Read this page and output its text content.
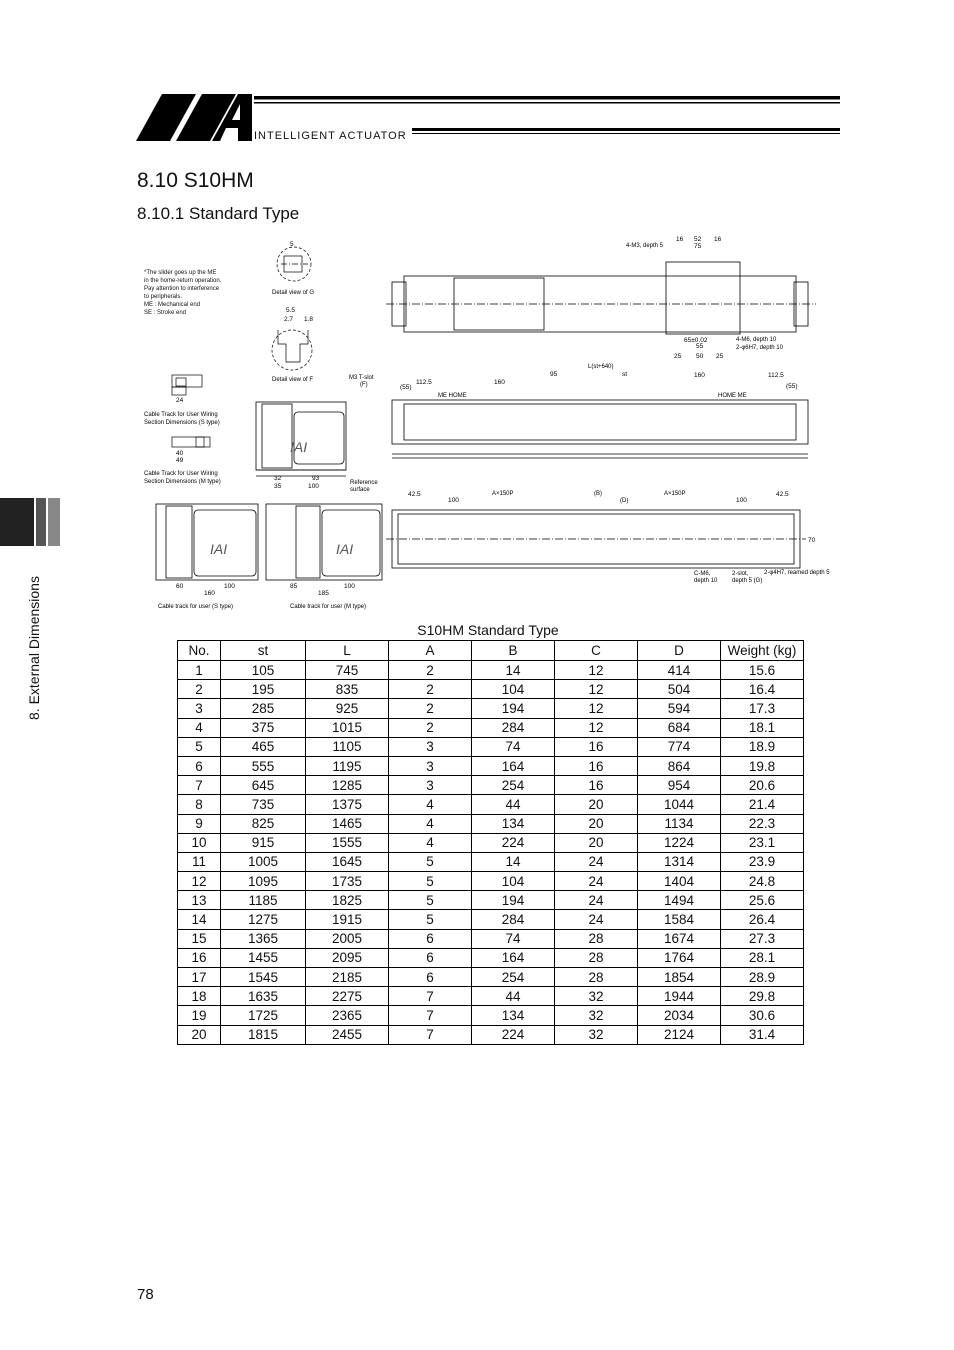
INTELLIGENT ACTUATOR
8.10 S10HM
8.10.1 Standard Type
8. External Dimensions
*The slider goes up the ME
in the home-return operation.
Pay attention to interference
to peripherals.
ME : Mechanical end
SE : Stroke end
5
Detail view of G
5.5
2.7 1.8
Detail view of F
24
Cable Track for User Wiring
Section Dimensions (S type)
40
49
Cable Track for User Wiring
Section Dimensions (M type)
IAI
M3 T-slot
(F)
32	93
35	100	Reference
surface
IAI
60	100
160
Cable track for user (S type)
IAI
85	100
185
Cable track for user (M type)
4-M3, depth 5
16 52 16
75
65±0.02
55
4-M6, depth 10
2-φ6H7, depth 10
25 50 25
L(st+640)
112.5	160
95	st	160	112.5
(55)	(55)
ME HOME	HOME ME
42.5
100
A×150P	(B)
(D)
A×150P
100
42.5
70
C-M6,
depth 10
2-slot,
depth 5 (G)
2-φ4H7, reamed depth 5
S10HM Standard Type
No.	st	L	A	B	C	D	Weight (kg)
1	105	745	2	14	12	414	15.6
2	195	835	2	104	12	504	16.4
3	285	925	2	194	12	594	17.3
4	375	1015	2	284	12	684	18.1
5	465	1105	3	74	16	774	18.9
6	555	1195	3	164	16	864	19.8
7	645	1285	3	254	16	954	20.6
8	735	1375	4	44	20	1044	21.4
9	825	1465	4	134	20	1134	22.3
10	915	1555	4	224	20	1224	23.1
11	1005	1645	5	14	24	1314	23.9
12	1095	1735	5	104	24	1404	24.8
13	1185	1825	5	194	24	1494	25.6
14	1275	1915	5	284	24	1584	26.4
15	1365	2005	6	74	28	1674	27.3
16	1455	2095	6	164	28	1764	28.1
17	1545	2185	6	254	28	1854	28.9
18	1635	2275	7	44	32	1944	29.8
19	1725	2365	7	134	32	2034	30.6
20	1815	2455	7	224	32	2124	31.4
78
